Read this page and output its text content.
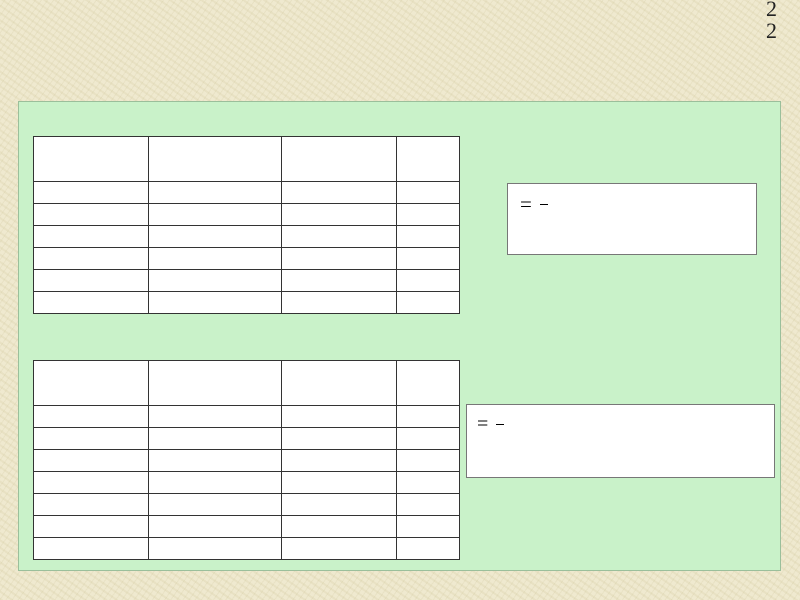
2
2

=

=
